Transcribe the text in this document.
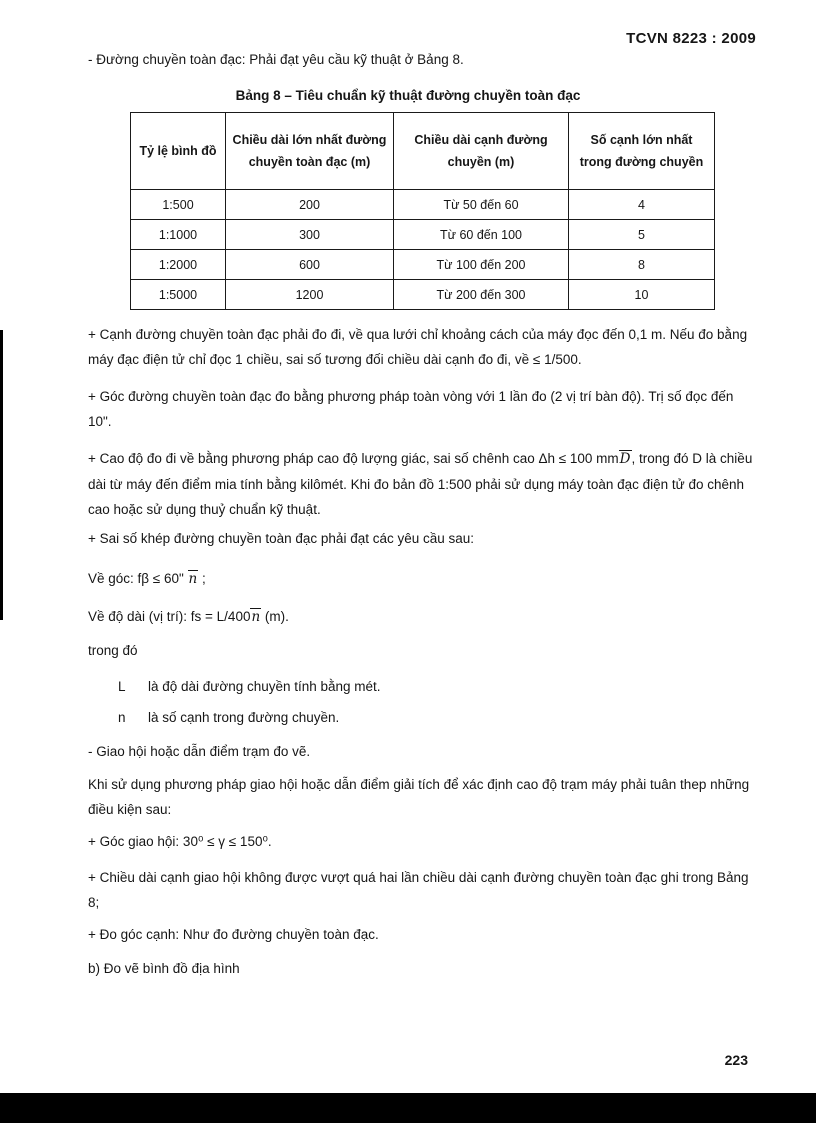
TCVN 8223 : 2009

- Đường chuyền toàn đạc: Phải đạt yêu cầu kỹ thuật ở Bảng 8.

Bảng 8 – Tiêu chuẩn kỹ thuật đường chuyền toàn đạc
Tỷ lệ bình đồ	Chiều dài lớn nhất đường chuyền toàn đạc (m)	Chiều dài cạnh đường chuyền (m)	Số cạnh lớn nhất trong đường chuyền
1:500	200	Từ 50 đến 60	4
1:1000	300	Từ 60 đến 100	5
1:2000	600	Từ 100 đến 200	8
1:5000	1200	Từ 200 đến 300	10

+ Cạnh đường chuyền toàn đạc phải đo đi, về qua lưới chỉ khoảng cách của máy đọc đến 0,1 m. Nếu đo bằng máy đạc điện tử chỉ đọc 1 chiều, sai số tương đối chiều dài cạnh đo đi, về ≤ 1/500.

+ Góc đường chuyền toàn đạc đo bằng phương pháp toàn vòng với 1 lần đo (2 vị trí bàn độ). Trị số đọc đến 10".

+ Cao độ đo đi về bằng phương pháp cao độ lượng giác, sai số chênh cao Δh ≤ 100 mmD, trong đó D là chiều dài từ máy đến điểm mia tính bằng kilômét. Khi đo bản đồ 1:500 phải sử dụng máy toàn đạc điện tử đo chênh cao hoặc sử dụng thuỷ chuẩn kỹ thuật.

+ Sai số khép đường chuyền toàn đạc phải đạt các yêu cầu sau:

Về góc: fβ ≤ 60" n ;

Về độ dài (vị trí): fs = L/400n (m).

trong đó

L là độ dài đường chuyền tính bằng mét.

n là số cạnh trong đường chuyền.

- Giao hội hoặc dẫn điểm trạm đo vẽ.

Khi sử dụng phương pháp giao hội hoặc dẫn điểm giải tích để xác định cao độ trạm máy phải tuân thep những điều kiện sau:

+ Góc giao hội: 30⁰ ≤ γ ≤ 150⁰.

+ Chiều dài cạnh giao hội không được vượt quá hai lần chiều dài cạnh đường chuyền toàn đạc ghi trong Bảng 8;

+ Đo góc cạnh: Như đo đường chuyền toàn đạc.

b) Đo vẽ bình đồ địa hình

223
